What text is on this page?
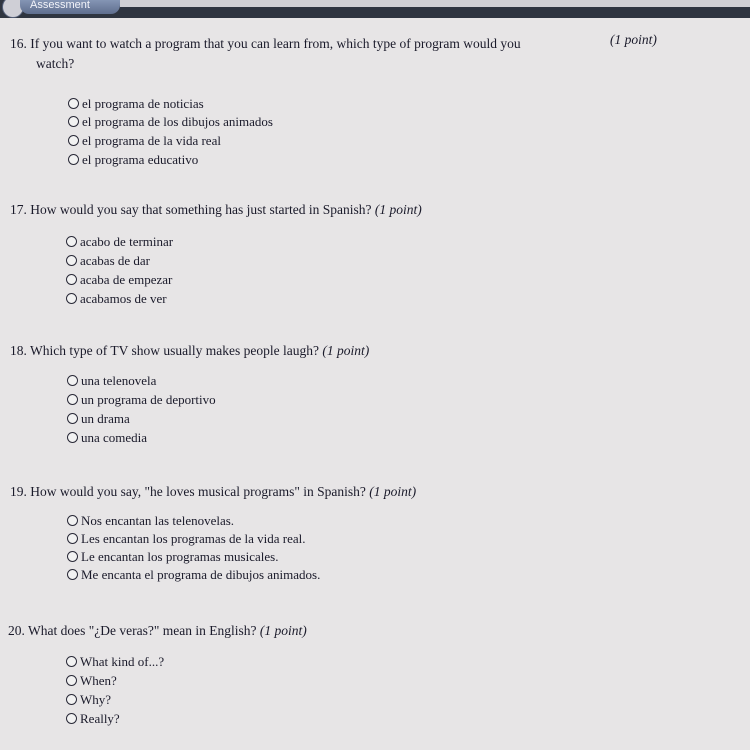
Assessment
16. If you want to watch a program that you can learn from, which type of program would you	(1 point)
watch?
el programa de noticias
el programa de los dibujos animados
el programa de la vida real
el programa educativo
17. How would you say that something has just started in Spanish? (1 point)
acabo de terminar
acabas de dar
acaba de empezar
acabamos de ver
18. Which type of TV show usually makes people laugh? (1 point)
una telenovela
un programa de deportivo
un drama
una comedia
19. How would you say, "he loves musical programs" in Spanish? (1 point)
Nos encantan las telenovelas.
Les encantan los programas de la vida real.
Le encantan los programas musicales.
Me encanta el programa de dibujos animados.
20. What does "¿De veras?" mean in English? (1 point)
What kind of...?
When?
Why?
Really?
